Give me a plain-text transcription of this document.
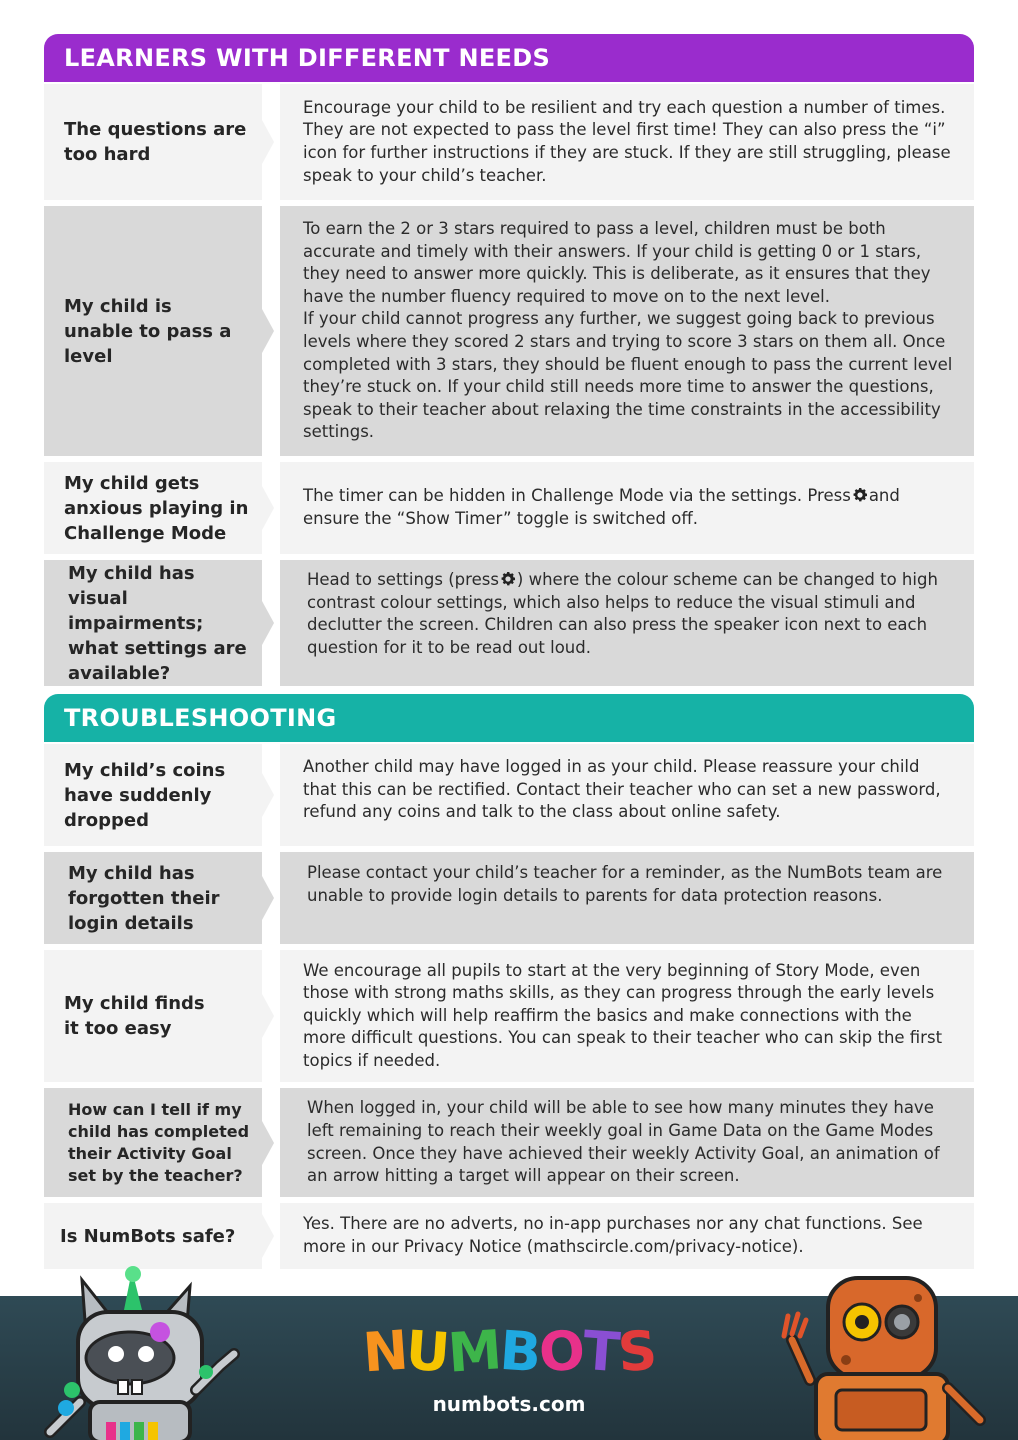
LEARNERS WITH DIFFERENT NEEDS
The questions are too hard
Encourage your child to be resilient and try each question a number of times. They are not expected to pass the level first time! They can also press the “i” icon for further instructions if they are stuck. If they are still struggling, please speak to your child’s teacher.
My child is unable to pass a level
To earn the 2 or 3 stars required to pass a level, children must be both accurate and timely with their answers. If your child is getting 0 or 1 stars, they need to answer more quickly. This is deliberate, as it ensures that they have the number fluency required to move on to the next level.
If your child cannot progress any further, we suggest going back to previous levels where they scored 2 stars and trying to score 3 stars on them all. Once completed with 3 stars, they should be fluent enough to pass the current level they’re stuck on. If your child still needs more time to answer the questions, speak to their teacher about relaxing the time constraints in the accessibility settings.
My child gets anxious playing in Challenge Mode
The timer can be hidden in Challenge Mode via the settings. Press and ensure the “Show Timer” toggle is switched off.
My child has visual impairments; what settings are available?
Head to settings (press ) where the colour scheme can be changed to high contrast colour settings, which also helps to reduce the visual stimuli and declutter the screen. Children can also press the speaker icon next to each question for it to be read out loud.
TROUBLESHOOTING
My child’s coins have suddenly dropped
Another child may have logged in as your child. Please reassure your child that this can be rectified. Contact their teacher who can set a new password, refund any coins and talk to the class about online safety.
My child has forgotten their login details
Please contact your child’s teacher for a reminder, as the NumBots team are unable to provide login details to parents for data protection reasons.
My child finds it too easy
We encourage all pupils to start at the very beginning of Story Mode, even those with strong maths skills, as they can progress through the early levels quickly which will help reaffirm the basics and make connections with the more difficult questions. You can speak to their teacher who can skip the first topics if needed.
How can I tell if my child has completed their Activity Goal set by the teacher?
When logged in, your child will be able to see how many minutes they have left remaining to reach their weekly goal in Game Data on the Game Modes screen. Once they have achieved their weekly Activity Goal, an animation of an arrow hitting a target will appear on their screen.
Is NumBots safe?
Yes. There are no adverts, no in-app purchases nor any chat functions. See more in our Privacy Notice (mathscircle.com/privacy-notice).
NUMBOTS
numbots.com
